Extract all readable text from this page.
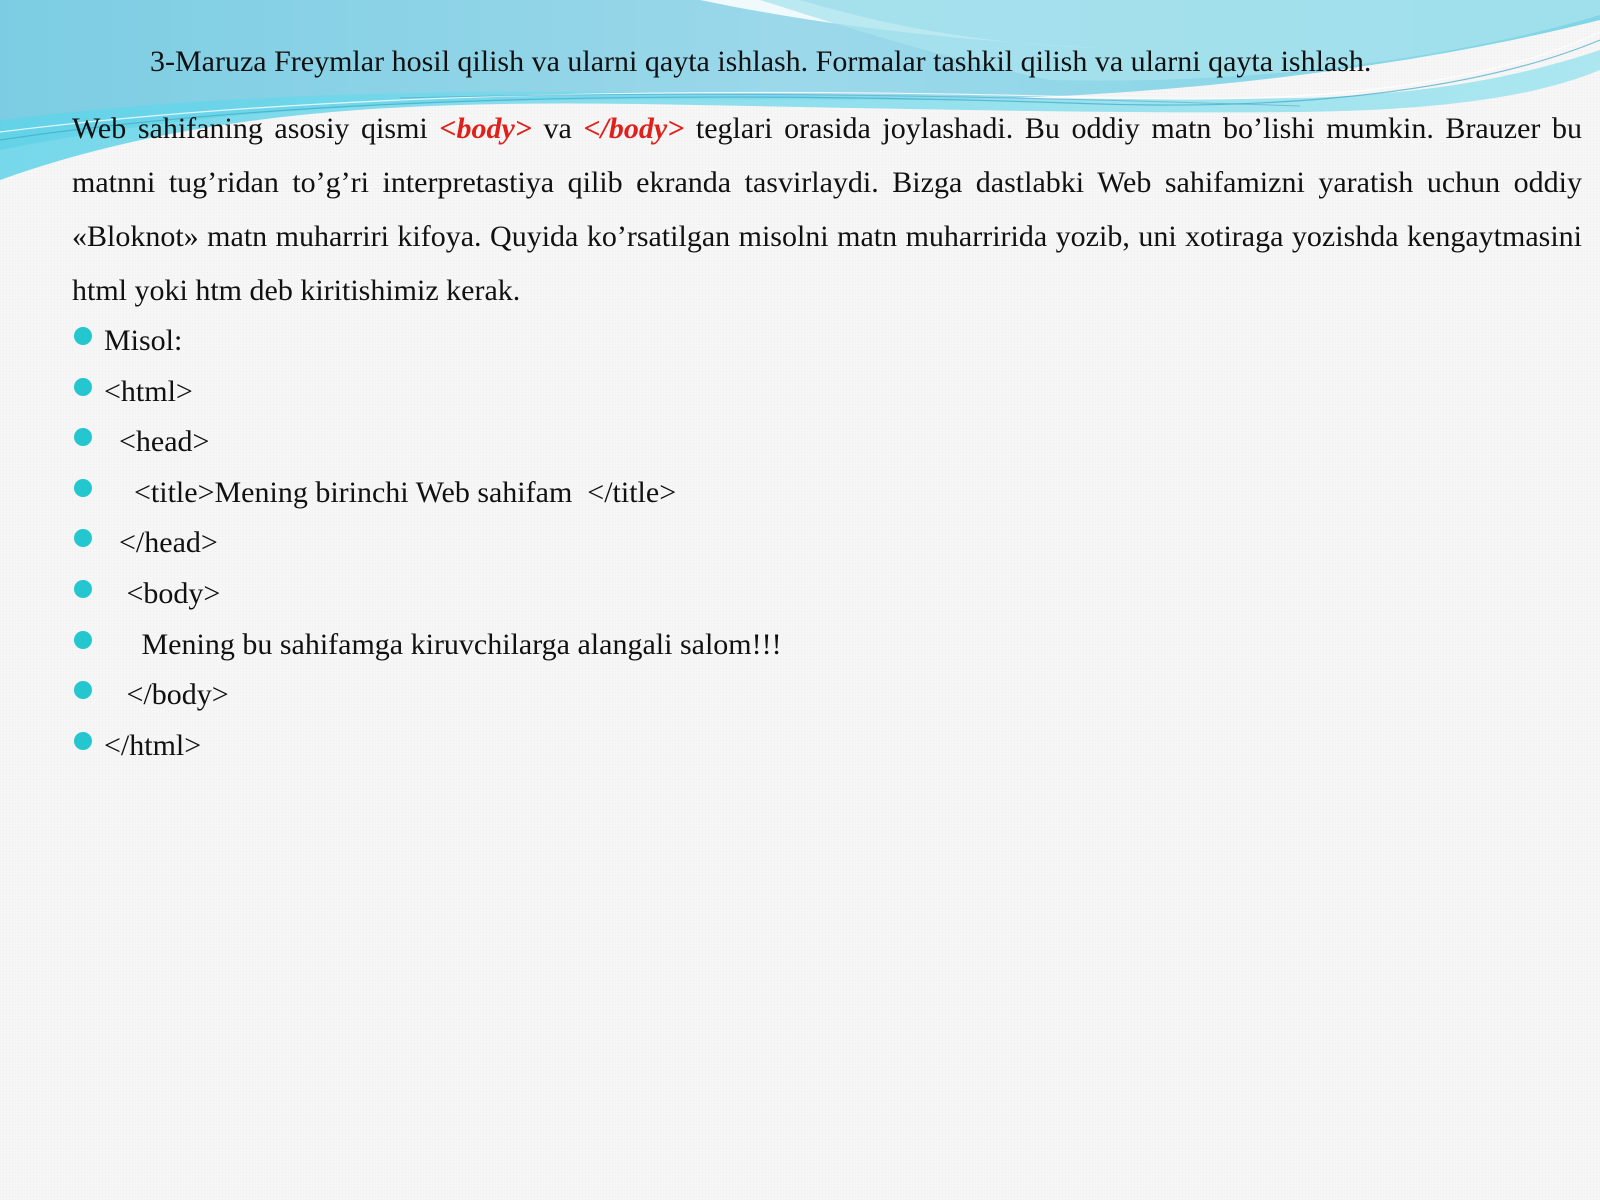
3-Maruza Freymlar hosil qilish va ularni qayta ishlash. Formalar tashkil qilish va ularni qayta ishlash.

Web sahifaning asosiy qismi <body> va </body> teglari orasida joylashadi. Bu oddiy matn bo’lishi mumkin. Brauzer bu matnni tug’ridan to’g’ri interpretastiya qilib ekranda tasvirlaydi. Bizga dastlabki Web sahifamizni yaratish uchun oddiy «Bloknot» matn muharriri kifoya. Quyida ko’rsatilgan misolni matn muharririda yozib, uni xotiraga yozishda kengaytmasini html yoki htm deb kiritishimiz kerak.

Misol:
<html>
<head>
<title>Mening birinchi Web sahifam  </title>
</head>
<body>
Mening bu sahifamga kiruvchilarga alangali salom!!!
</body>
</html>
